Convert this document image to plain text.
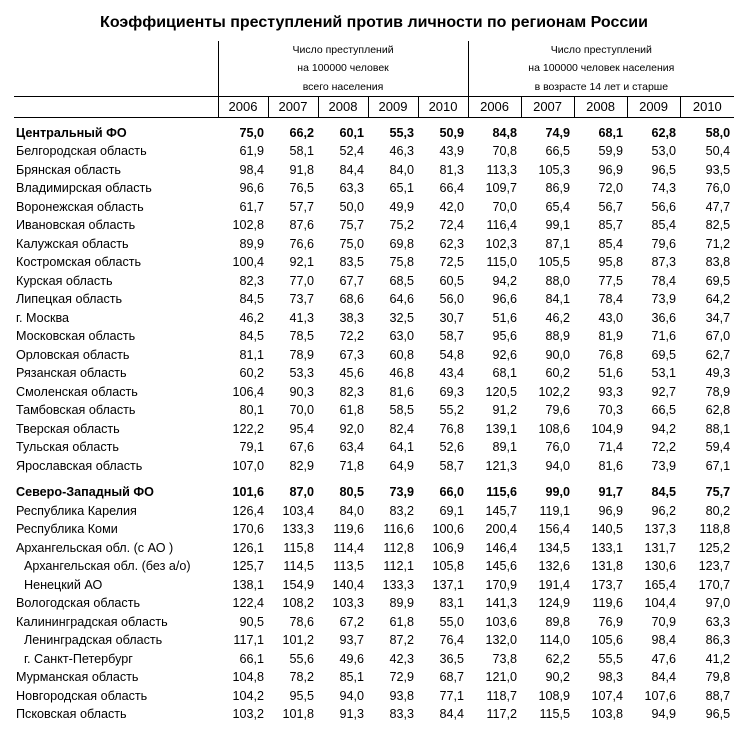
Коэффициенты преступлений против личности по регионам России
	Число преступлений					Число преступлений				
	на 100000 человек					на 100000 человек населения				
	всего населения					в возрасте 14 лет и старше				
	2006	2007	2008	2009	2010	2006	2007	2008	2009	2010

Центральный ФО	75,0	66,2	60,1	55,3	50,9	84,8	74,9	68,1	62,8	58,0
Белгородская область	61,9	58,1	52,4	46,3	43,9	70,8	66,5	59,9	53,0	50,4
Брянская область	98,4	91,8	84,4	84,0	81,3	113,3	105,3	96,9	96,5	93,5
Владимирская область	96,6	76,5	63,3	65,1	66,4	109,7	86,9	72,0	74,3	76,0
Воронежская область	61,7	57,7	50,0	49,9	42,0	70,0	65,4	56,7	56,6	47,7
Ивановская область	102,8	87,6	75,7	75,2	72,4	116,4	99,1	85,7	85,4	82,5
Калужская область	89,9	76,6	75,0	69,8	62,3	102,3	87,1	85,4	79,6	71,2
Костромская область	100,4	92,1	83,5	75,8	72,5	115,0	105,5	95,8	87,3	83,8
Курская область	82,3	77,0	67,7	68,5	60,5	94,2	88,0	77,5	78,4	69,5
Липецкая область	84,5	73,7	68,6	64,6	56,0	96,6	84,1	78,4	73,9	64,2
г. Москва	46,2	41,3	38,3	32,5	30,7	51,6	46,2	43,0	36,6	34,7
Московская область	84,5	78,5	72,2	63,0	58,7	95,6	88,9	81,9	71,6	67,0
Орловская область	81,1	78,9	67,3	60,8	54,8	92,6	90,0	76,8	69,5	62,7
Рязанская область	60,2	53,3	45,6	46,8	43,4	68,1	60,2	51,6	53,1	49,3
Смоленская область	106,4	90,3	82,3	81,6	69,3	120,5	102,2	93,3	92,7	78,9
Тамбовская область	80,1	70,0	61,8	58,5	55,2	91,2	79,6	70,3	66,5	62,8
Тверская область	122,2	95,4	92,0	82,4	76,8	139,1	108,6	104,9	94,2	88,1
Тульская область	79,1	67,6	63,4	64,1	52,6	89,1	76,0	71,4	72,2	59,4
Ярославская область	107,0	82,9	71,8	64,9	58,7	121,3	94,0	81,6	73,9	67,1

Северо-Западный ФО	101,6	87,0	80,5	73,9	66,0	115,6	99,0	91,7	84,5	75,7
Республика Карелия	126,4	103,4	84,0	83,2	69,1	145,7	119,1	96,9	96,2	80,2
Республика Коми	170,6	133,3	119,6	116,6	100,6	200,4	156,4	140,5	137,3	118,8
Архангельская обл. (с АО )	126,1	115,8	114,4	112,8	106,9	146,4	134,5	133,1	131,7	125,2
Архангельская обл. (без а/о)	125,7	114,5	113,5	112,1	105,8	145,6	132,6	131,8	130,6	123,7
Ненецкий АО	138,1	154,9	140,4	133,3	137,1	170,9	191,4	173,7	165,4	170,7
Вологодская область	122,4	108,2	103,3	89,9	83,1	141,3	124,9	119,6	104,4	97,0
Калининградская область	90,5	78,6	67,2	61,8	55,0	103,6	89,8	76,9	70,9	63,3
Ленинградская область	117,1	101,2	93,7	87,2	76,4	132,0	114,0	105,6	98,4	86,3
г. Санкт-Петербург	66,1	55,6	49,6	42,3	36,5	73,8	62,2	55,5	47,6	41,2
Мурманская область	104,8	78,2	85,1	72,9	68,7	121,0	90,2	98,3	84,4	79,8
Новгородская область	104,2	95,5	94,0	93,8	77,1	118,7	108,9	107,4	107,6	88,7
Псковская область	103,2	101,8	91,3	83,3	84,4	117,2	115,5	103,8	94,9	96,5
